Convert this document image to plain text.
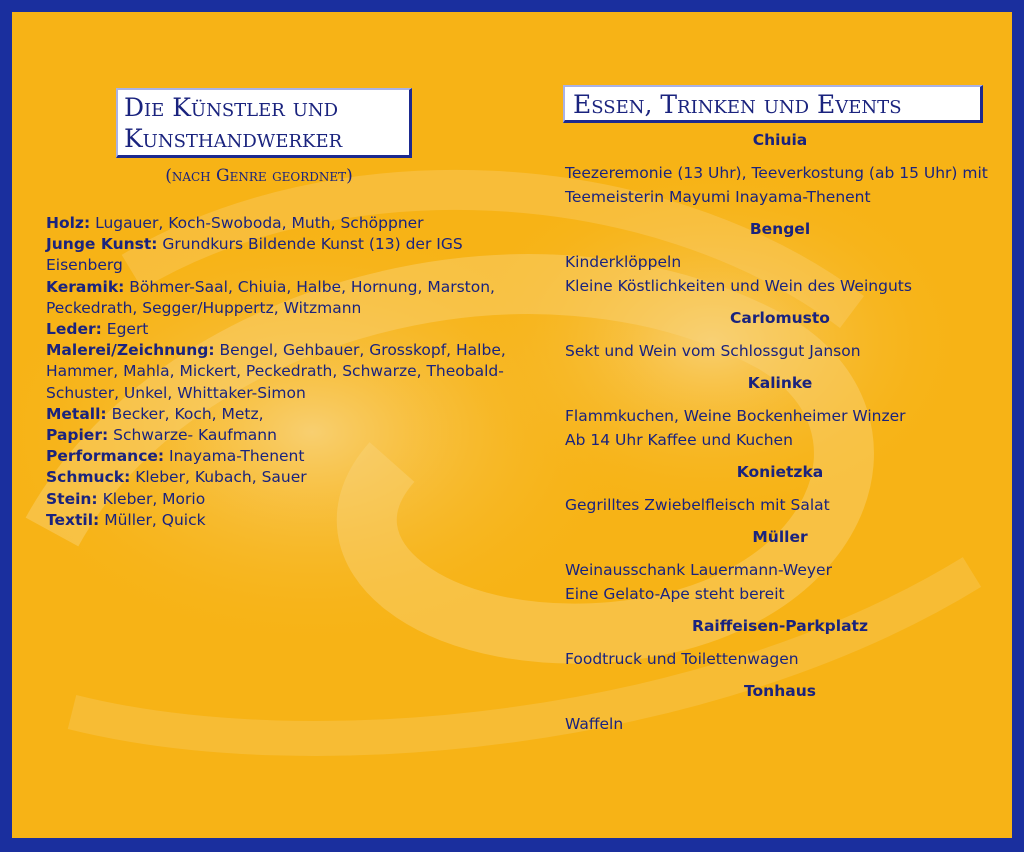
Die Künstler und
Kunsthandwerker
(nach Genre geordnet)

Holz: Lugauer, Koch-Swoboda, Muth, Schöppner

Junge Kunst: Grundkurs Bildende Kunst (13) der IGS Eisenberg

Keramik: Böhmer-Saal, Chiuia, Halbe, Hornung, Marston, Peckedrath, Segger/Huppertz, Witzmann

Leder: Egert

Malerei/Zeichnung: Bengel, Gehbauer, Grosskopf, Halbe, Hammer, Mahla, Mickert, Peckedrath, Schwarze, Theobald-Schuster, Unkel, Whittaker-Simon

Metall: Becker, Koch, Metz,

Papier: Schwarze- Kaufmann

Performance: Inayama-Thenent

Schmuck: Kleber, Kubach, Sauer

Stein: Kleber, Morio

Textil: Müller, Quick

Essen, Trinken und Events
Chiuia
Teezeremonie (13 Uhr), Teeverkostung (ab 15 Uhr) mit Teemeisterin Mayumi Inayama-Thenent
Bengel
Kinderklöppeln
Kleine Köstlichkeiten und Wein des Weinguts
Carlomusto
Sekt und Wein vom Schlossgut Janson
Kalinke
Flammkuchen, Weine Bockenheimer Winzer
Ab 14 Uhr Kaffee und Kuchen
Konietzka
Gegrilltes Zwiebelfleisch mit Salat
Müller
Weinausschank Lauermann-Weyer
Eine Gelato-Ape steht bereit
Raiffeisen-Parkplatz
Foodtruck und Toilettenwagen
Tonhaus
Waffeln
